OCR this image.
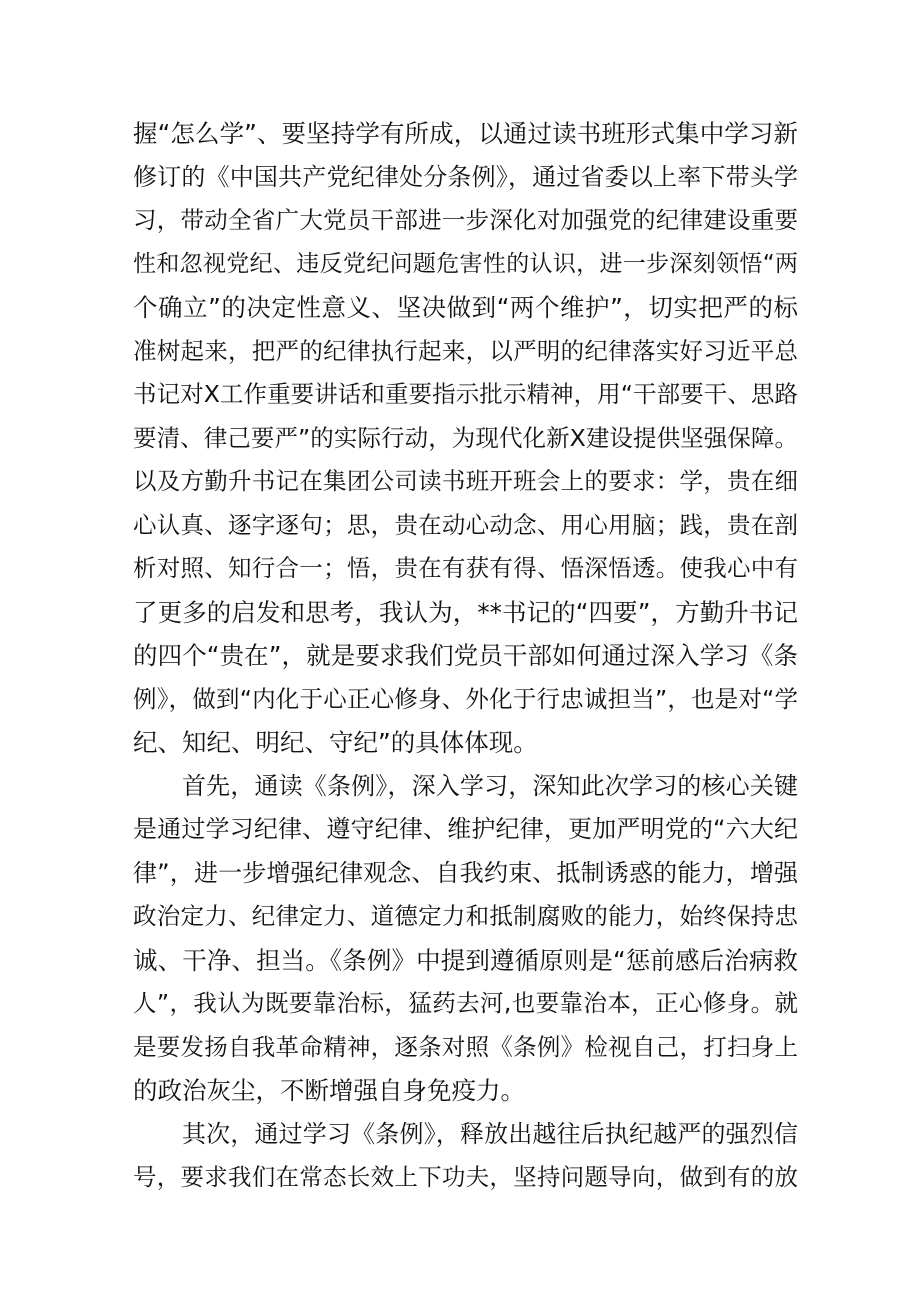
握“怎么学”、要坚持学有所成，以通过读书班形式集中学习新
修订的《中国共产党纪律处分条例》，通过省委以上率下带头学
习，带动全省广大党员干部进一步深化对加强党的纪律建设重要
性和忽视党纪、违反党纪问题危害性的认识，进一步深刻领悟“两
个确立”的决定性意义、坚决做到“两个维护”，切实把严的标
准树起来，把严的纪律执行起来，以严明的纪律落实好习近平总
书记对X工作重要讲话和重要指示批示精神，用“干部要干、思路
要清、律己要严”的实际行动，为现代化新X建设提供坚强保障。
以及方勤升书记在集团公司读书班开班会上的要求：学，贵在细
心认真、逐字逐句；思，贵在动心动念、用心用脑；践，贵在剖
析对照、知行合一；悟，贵在有获有得、悟深悟透。使我心中有
了更多的启发和思考，我认为，**书记的“四要”，方勤升书记
的四个“贵在”，就是要求我们党员干部如何通过深入学习《条
例》，做到“内化于心正心修身、外化于行忠诚担当”，也是对“学
纪、知纪、明纪、守纪”的具体体现。
首先，通读《条例》，深入学习，深知此次学习的核心关键
是通过学习纪律、遵守纪律、维护纪律，更加严明党的“六大纪
律”，进一步增强纪律观念、自我约束、抵制诱惑的能力，增强
政治定力、纪律定力、道德定力和抵制腐败的能力，始终保持忠
诚、干净、担当。《条例》中提到遵循原则是“惩前感后治病救
人”，我认为既要靠治标，猛药去河,也要靠治本，正心修身。就
是要发扬自我革命精神，逐条对照《条例》检视自己，打扫身上
的政治灰尘，不断增强自身免疫力。
其次，通过学习《条例》，释放出越往后执纪越严的强烈信
号，要求我们在常态长效上下功夫，坚持问题导向，做到有的放
